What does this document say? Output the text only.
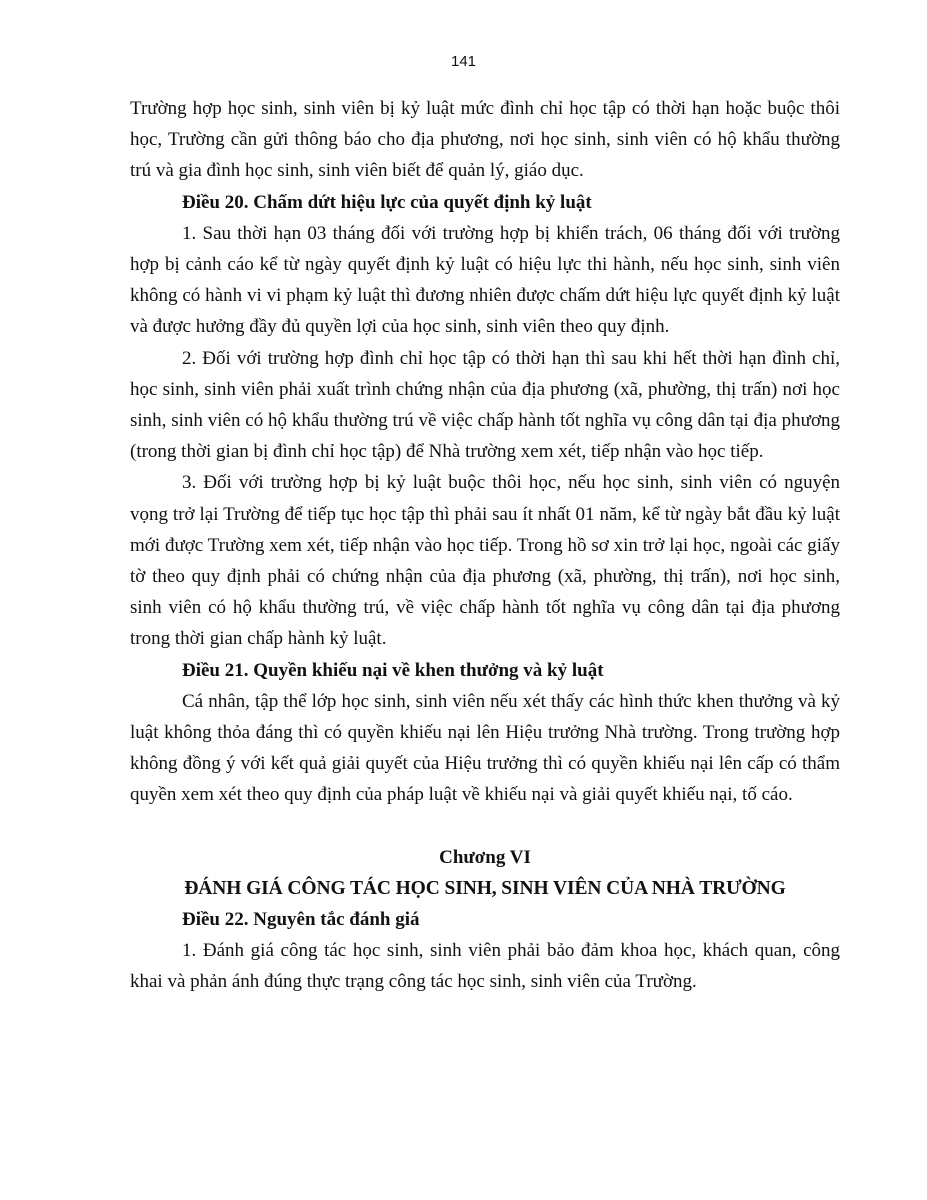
141

Trường hợp học sinh, sinh viên bị kỷ luật mức đình chỉ học tập có thời hạn hoặc buộc thôi học, Trường cần gửi thông báo cho địa phương, nơi học sinh, sinh viên có hộ khẩu thường trú và gia đình học sinh, sinh viên biết để quản lý, giáo dục.

Điều 20. Chấm dứt hiệu lực của quyết định kỷ luật

1. Sau thời hạn 03 tháng đối với trường hợp bị khiển trách, 06 tháng đối với trường hợp bị cảnh cáo kể từ ngày quyết định kỷ luật có hiệu lực thi hành, nếu học sinh, sinh viên không có hành vi vi phạm kỷ luật thì đương nhiên được chấm dứt hiệu lực quyết định kỷ luật và được hưởng đầy đủ quyền lợi của học sinh, sinh viên theo quy định.

2. Đối với trường hợp đình chỉ học tập có thời hạn thì sau khi hết thời hạn đình chỉ, học sinh, sinh viên phải xuất trình chứng nhận của địa phương (xã, phường, thị trấn) nơi học sinh, sinh viên có hộ khẩu thường trú về việc chấp hành tốt nghĩa vụ công dân tại địa phương (trong thời gian bị đình chỉ học tập) để Nhà trường xem xét, tiếp nhận vào học tiếp.

3. Đối với trường hợp bị kỷ luật buộc thôi học, nếu học sinh, sinh viên có nguyện vọng trở lại Trường để tiếp tục học tập thì phải sau ít nhất 01 năm, kể từ ngày bắt đầu kỷ luật mới được Trường xem xét, tiếp nhận vào học tiếp. Trong hồ sơ xin trở lại học, ngoài các giấy tờ theo quy định phải có chứng nhận của địa phương (xã, phường, thị trấn), nơi học sinh, sinh viên có hộ khẩu thường trú, về việc chấp hành tốt nghĩa vụ công dân tại địa phương trong thời gian chấp hành kỷ luật.

Điều 21. Quyền khiếu nại về khen thưởng và kỷ luật

Cá nhân, tập thể lớp học sinh, sinh viên nếu xét thấy các hình thức khen thưởng và kỷ luật không thỏa đáng thì có quyền khiếu nại lên Hiệu trưởng Nhà trường. Trong trường hợp không đồng ý với kết quả giải quyết của Hiệu trưởng thì có quyền khiếu nại lên cấp có thẩm quyền xem xét theo quy định của pháp luật về khiếu nại và giải quyết khiếu nại, tố cáo.

Chương VI

ĐÁNH GIÁ CÔNG TÁC HỌC SINH, SINH VIÊN CỦA NHÀ TRƯỜNG

Điều 22. Nguyên tắc đánh giá

1. Đánh giá công tác học sinh, sinh viên phải bảo đảm khoa học, khách quan, công khai và phản ánh đúng thực trạng công tác học sinh, sinh viên của Trường.
